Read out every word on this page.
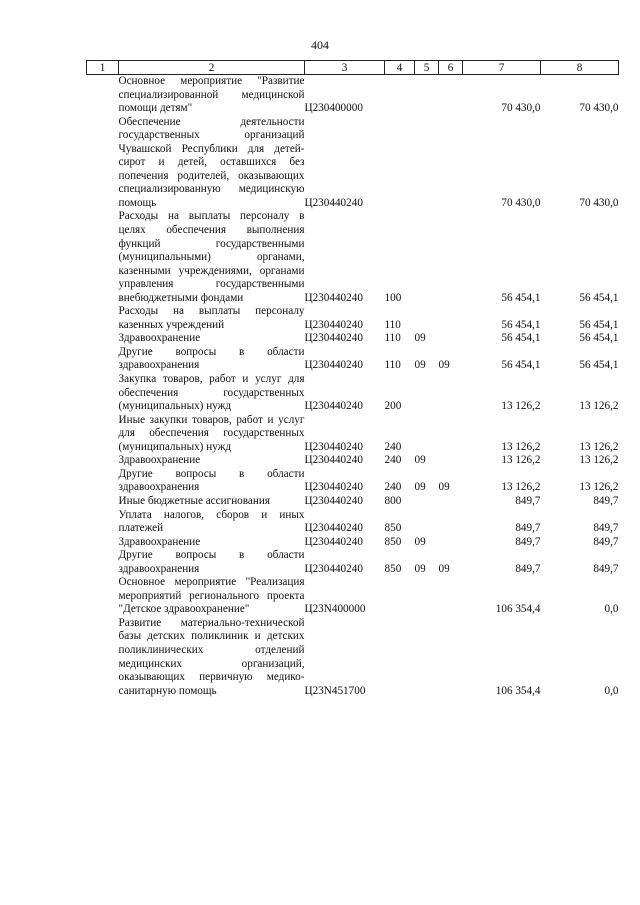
404
1	2	3	4	5	6	7	8
	Основное мероприятие "Развитие специализированной медицинской помощи детям"	Ц230400000				70 430,0	70 430,0
	Обеспечение деятельности государственных организаций Чувашской Республики для детей-сирот и детей, оставшихся без попечения родителей, оказывающих специализированную медицинскую помощь	Ц230440240				70 430,0	70 430,0
	Расходы на выплаты персоналу в целях обеспечения выполнения функций государственными (муниципальными) органами, казенными учреждениями, органами управления государственными внебюджетными фондами	Ц230440240	100			56 454,1	56 454,1
	Расходы на выплаты персоналу казенных учреждений	Ц230440240	110			56 454,1	56 454,1
	Здравоохранение	Ц230440240	110	09		56 454,1	56 454,1
	Другие вопросы в области здравоохранения	Ц230440240	110	09	09	56 454,1	56 454,1
	Закупка товаров, работ и услуг для обеспечения государственных (муниципальных) нужд	Ц230440240	200			13 126,2	13 126,2
	Иные закупки товаров, работ и услуг для обеспечения государственных (муниципальных) нужд	Ц230440240	240			13 126,2	13 126,2
	Здравоохранение	Ц230440240	240	09		13 126,2	13 126,2
	Другие вопросы в области здравоохранения	Ц230440240	240	09	09	13 126,2	13 126,2
	Иные бюджетные ассигнования	Ц230440240	800			849,7	849,7
	Уплата налогов, сборов и иных платежей	Ц230440240	850			849,7	849,7
	Здравоохранение	Ц230440240	850	09		849,7	849,7
	Другие вопросы в области здравоохранения	Ц230440240	850	09	09	849,7	849,7
	Основное мероприятие "Реализация мероприятий регионального проекта "Детское здравоохранение"	Ц23N400000				106 354,4	0,0
	Развитие материально-технической базы детских поликлиник и детских поликлинических отделений медицинских организаций, оказывающих первичную медико-санитарную помощь	Ц23N451700				106 354,4	0,0
